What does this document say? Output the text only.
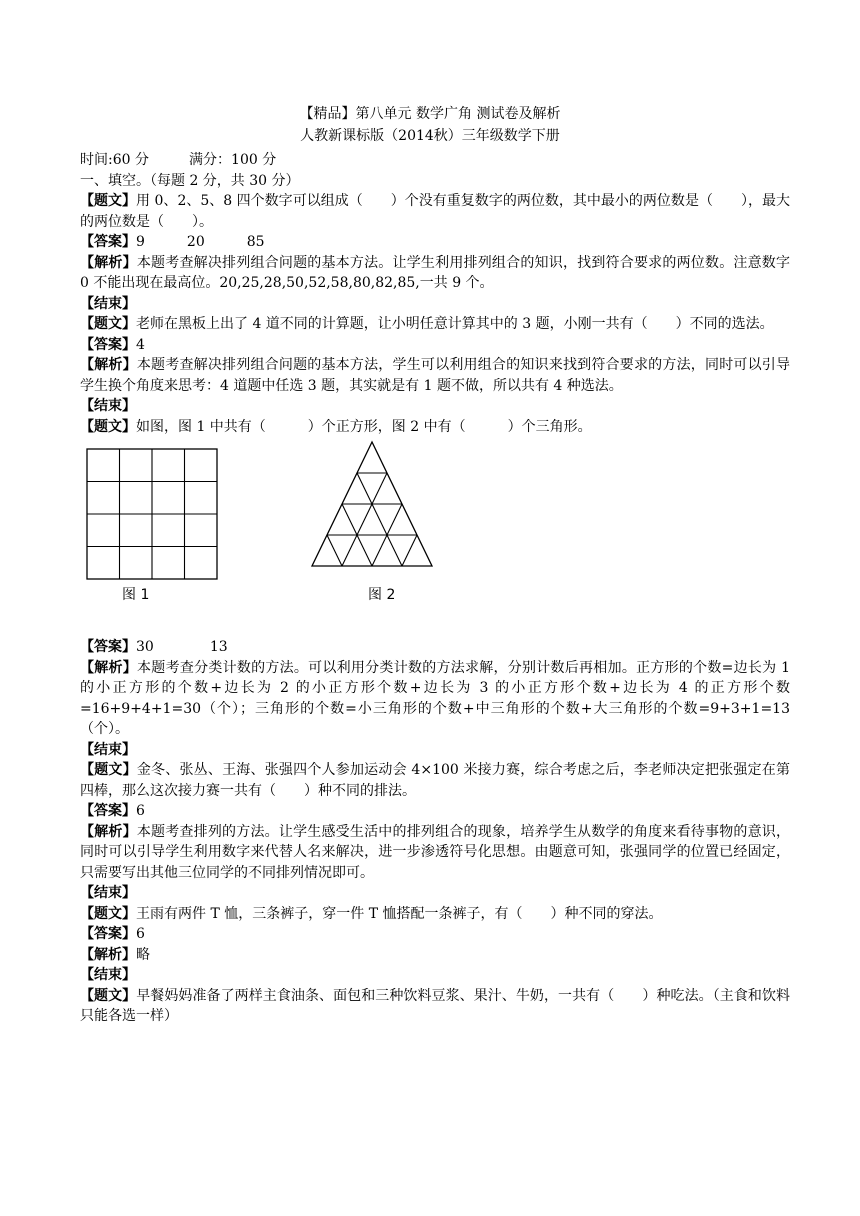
【精品】第八单元 数学广角 测试卷及解析
人教新课标版（2014秋）三年级数学下册
时间:60 分	满分：100 分
一、填空。（每题 2 分，共 30 分）
【题文】用 0、2、5、8 四个数字可以组成（　　）个没有重复数字的两位数，其中最小的两位数是（　　），最大的两位数是（　　）。
【答案】9　　　20　　　85
【解析】本题考查解决排列组合问题的基本方法。让学生利用排列组合的知识，找到符合要求的两位数。注意数字 0 不能出现在最高位。20,25,28,50,52,58,80,82,85,一共 9 个。
【结束】
【题文】老师在黑板上出了 4 道不同的计算题，让小明任意计算其中的 3 题，小刚一共有（　　）不同的选法。
【答案】4
【解析】本题考查解决排列组合问题的基本方法，学生可以利用组合的知识来找到符合要求的方法，同时可以引导学生换个角度来思考：4 道题中任选 3 题，其实就是有 1 题不做，所以共有 4 种选法。
【结束】
【题文】如图，图 1 中共有（　　　）个正方形，图 2 中有（　　　）个三角形。
图 1	图 2
【答案】30　　　　13
【解析】本题考查分类计数的方法。可以利用分类计数的方法求解，分别计数后再相加。正方形的个数=边长为 1 的小正方形的个数+边长为 2 的小正方形个数+边长为 3 的小正方形个数+边长为 4 的正方形个数=16+9+4+1=30（个）；三角形的个数=小三角形的个数+中三角形的个数+大三角形的个数=9+3+1=13（个）。
【结束】
【题文】金冬、张丛、王海、张强四个人参加运动会 4×100 米接力赛，综合考虑之后，李老师决定把张强定在第四棒，那么这次接力赛一共有（　　）种不同的排法。
【答案】6
【解析】本题考查排列的方法。让学生感受生活中的排列组合的现象，培养学生从数学的角度来看待事物的意识，同时可以引导学生利用数字来代替人名来解决，进一步渗透符号化思想。由题意可知，张强同学的位置已经固定，只需要写出其他三位同学的不同排列情况即可。
【结束】
【题文】王雨有两件 T 恤，三条裤子，穿一件 T 恤搭配一条裤子，有（　　）种不同的穿法。
【答案】6
【解析】略
【结束】
【题文】早餐妈妈准备了两样主食油条、面包和三种饮料豆浆、果汁、牛奶，一共有（　　）种吃法。（主食和饮料只能各选一样）
